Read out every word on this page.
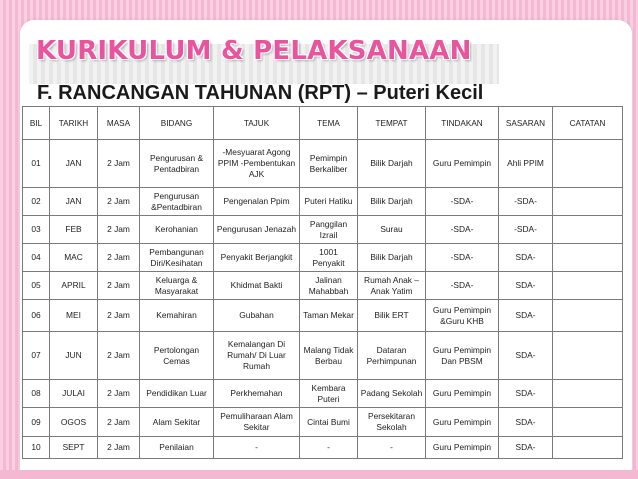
KURIKULUM & PELAKSANAAN
F. RANCANGAN TAHUNAN (RPT) – Puteri Kecil
BIL	TARIKH	MASA	BIDANG	TAJUK	TEMA	TEMPAT	TINDAKAN	SASARAN	CATATAN
01	JAN	2 Jam	Pengurusan & Pentadbiran	-Mesyuarat Agong PPIM -Pembentukan AJK	Pemimpin Berkaliber	Bilik Darjah	Guru Pemimpin	Ahli PPIM	
02	JAN	2 Jam	Pengurusan &Pentadbiran	Pengenalan Ppim	Puteri Hatiku	Bilik Darjah	-SDA-	-SDA-	
03	FEB	2 Jam	Kerohanian	Pengurusan Jenazah	Panggilan Izrail	Surau	-SDA-	-SDA-	
04	MAC	2 Jam	Pembangunan Diri/Kesihatan	Penyakit Berjangkit	1001 Penyakit	Bilik Darjah	-SDA-	SDA-	
05	APRIL	2 Jam	Keluarga & Masyarakat	Khidmat Bakti	Jalinan Mahabbah	Rumah Anak – Anak Yatim	-SDA-	SDA-	
06	MEI	2 Jam	Kemahiran	Gubahan	Taman Mekar	Bilik ERT	Guru Pemimpin &Guru KHB	SDA-	
07	JUN	2 Jam	Pertolongan Cemas	Kemalangan Di Rumah/ Di Luar Rumah	Malang Tidak Berbau	Dataran Perhimpunan	Guru Pemimpin Dan PBSM	SDA-	
08	JULAI	2 Jam	Pendidikan Luar	Perkhemahan	Kembara Puteri	Padang Sekolah	Guru Pemimpin	SDA-	
09	OGOS	2 Jam	Alam Sekitar	Pemuliharaan Alam Sekitar	Cintai Bumi	Persekitaran Sekolah	Guru Pemimpin	SDA-	
10	SEPT	2 Jam	Penilaian	-	-	-	Guru Pemimpin	SDA-	
